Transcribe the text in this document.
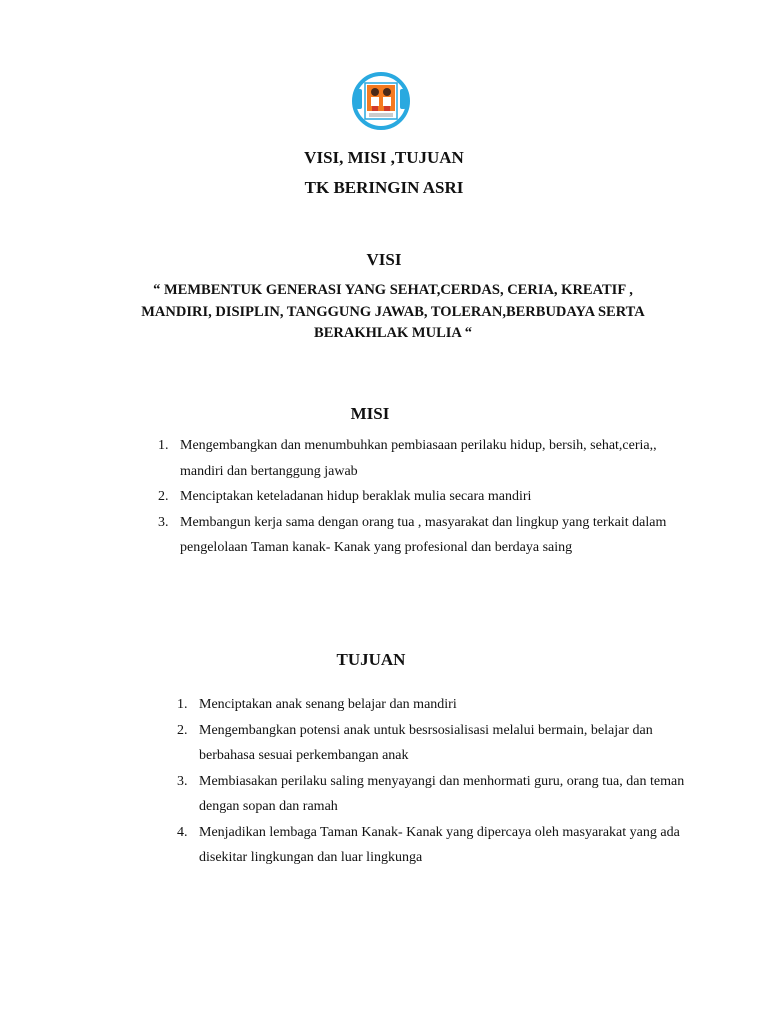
VISI, MISI ,TUJUAN
TK BERINGIN ASRI
VISI
“ MEMBENTUK GENERASI YANG SEHAT,CERDAS, CERIA, KREATIF , MANDIRI, DISIPLIN, TANGGUNG JAWAB, TOLERAN,BERBUDAYA SERTA BERAKHLAK MULIA “
MISI
1. Mengembangkan dan menumbuhkan pembiasaan perilaku hidup, bersih, sehat,ceria,, mandiri dan bertanggung jawab
2. Menciptakan keteladanan hidup beraklak mulia secara mandiri
3. Membangun kerja sama dengan orang tua , masyarakat dan lingkup yang terkait dalam pengelolaan Taman kanak- Kanak yang profesional dan berdaya saing
TUJUAN
1. Menciptakan anak senang belajar dan mandiri
2. Mengembangkan potensi anak untuk besrsosialisasi melalui bermain, belajar dan berbahasa sesuai perkembangan anak
3. Membiasakan perilaku saling menyayangi dan menhormati guru, orang tua, dan teman dengan sopan dan ramah
4. Menjadikan lembaga Taman Kanak- Kanak yang dipercaya oleh masyarakat yang ada disekitar lingkungan dan luar lingkunga
